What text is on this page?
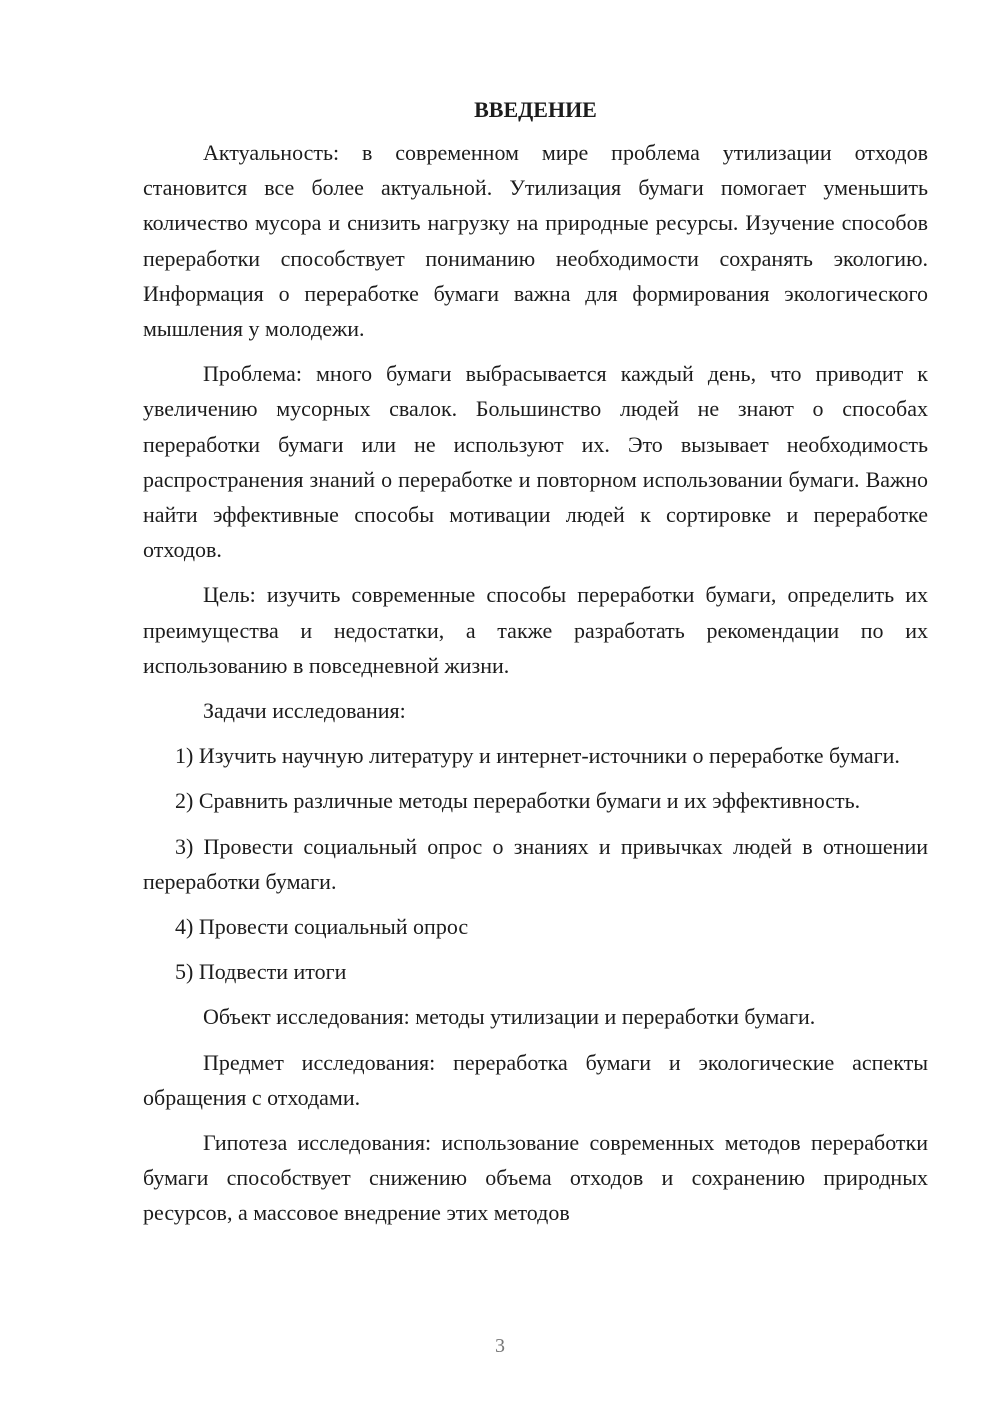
ВВЕДЕНИЕ

Актуальность: в современном мире проблема утилизации отходов становится все более актуальной. Утилизация бумаги помогает уменьшить количество мусора и снизить нагрузку на природные ресурсы. Изучение способов переработки способствует пониманию необходимости сохранять экологию. Информация о переработке бумаги важна для формирования экологического мышления у молодежи.

Проблема: много бумаги выбрасывается каждый день, что приводит к увеличению мусорных свалок. Большинство людей не знают о способах переработки бумаги или не используют их. Это вызывает необходимость распространения знаний о переработке и повторном использовании бумаги. Важно найти эффективные способы мотивации людей к сортировке и переработке отходов.

Цель: изучить современные способы переработки бумаги, определить их преимущества и недостатки, а также разработать рекомендации по их использованию в повседневной жизни.

Задачи исследования:

1) Изучить научную литературу и интернет-источники о переработке бумаги.

2) Сравнить различные методы переработки бумаги и их эффективность.

3) Провести социальный опрос о знаниях и привычках людей в отношении переработки бумаги.

4) Провести социальный опрос

5) Подвести итоги

Объект исследования: методы утилизации и переработки бумаги.

Предмет исследования: переработка бумаги и экологические аспекты обращения с отходами.

Гипотеза исследования: использование современных методов переработки бумаги способствует снижению объема отходов и сохранению природных ресурсов, а массовое внедрение этих методов

3
